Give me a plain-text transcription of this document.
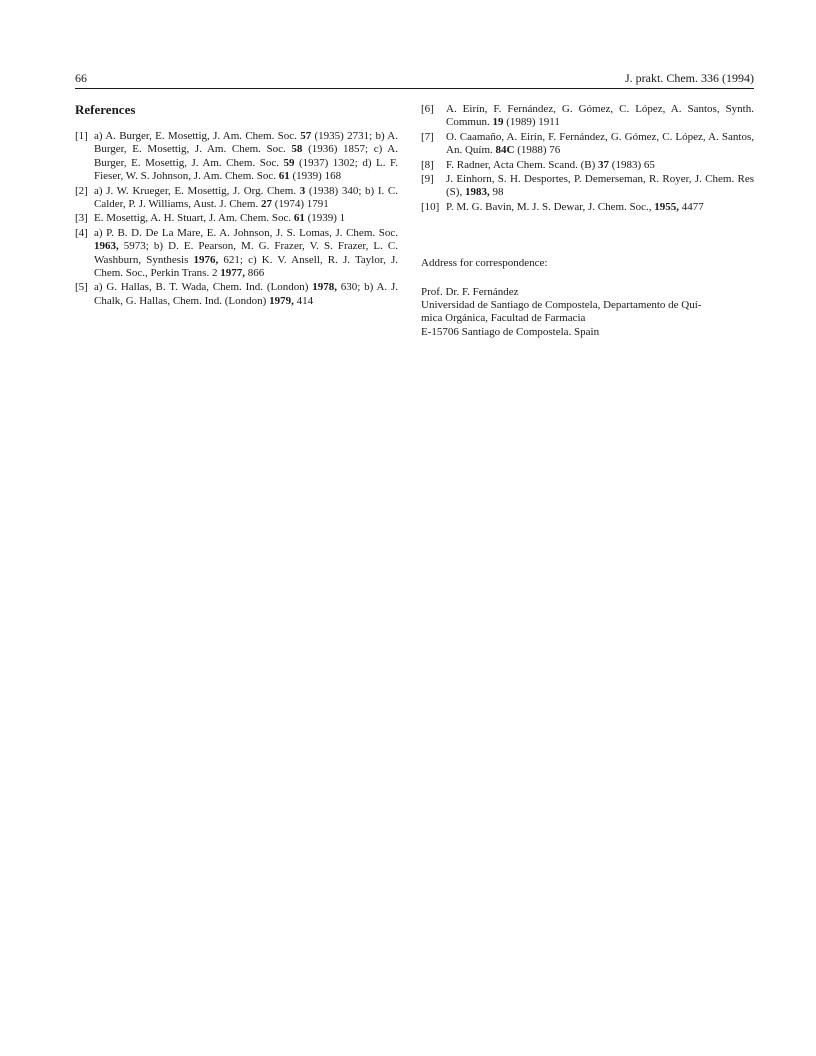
66	J. prakt. Chem. 336 (1994)
References
[1] a) A. Burger, E. Mosettig, J. Am. Chem. Soc. 57 (1935) 2731; b) A. Burger, E. Mosettig, J. Am. Chem. Soc. 58 (1936) 1857; c) A. Burger, E. Mosettig, J. Am. Chem. Soc. 59 (1937) 1302; d) L. F. Fieser, W. S. Johnson, J. Am. Chem. Soc. 61 (1939) 168
[2] a) J. W. Krueger, E. Mosettig, J. Org. Chem. 3 (1938) 340; b) I. C. Calder, P. J. Williams, Aust. J. Chem. 27 (1974) 1791
[3] E. Mosettig, A. H. Stuart, J. Am. Chem. Soc. 61 (1939) 1
[4] a) P. B. D. De La Mare, E. A. Johnson, J. S. Lomas, J. Chem. Soc. 1963, 5973; b) D. E. Pearson, M. G. Frazer, V. S. Frazer, L. C. Washburn, Synthesis 1976, 621; c) K. V. Ansell, R. J. Taylor, J. Chem. Soc., Perkin Trans. 2 1977, 866
[5] a) G. Hallas, B. T. Wada, Chem. Ind. (London) 1978, 630; b) A. J. Chalk, G. Hallas, Chem. Ind. (London) 1979, 414
[6] A. Eirín, F. Fernández, G. Gómez, C. López, A. Santos, Synth. Commun. 19 (1989) 1911
[7] O. Caamaño, A. Eirín, F. Fernández, G. Gómez, C. López, A. Santos, An. Quím. 84C (1988) 76
[8] F. Radner, Acta Chem. Scand. (B) 37 (1983) 65
[9] J. Einhorn, S. H. Desportes, P. Demerseman, R. Royer, J. Chem. Res (S), 1983, 98
[10] P. M. G. Bavin, M. J. S. Dewar, J. Chem. Soc., 1955, 4477
Address for correspondence:
Prof. Dr. F. Fernández
Universidad de Santiago de Compostela, Departamento de Quí-
mica Orgánica, Facultad de Farmacia
E-15706 Santiago de Compostela. Spain
